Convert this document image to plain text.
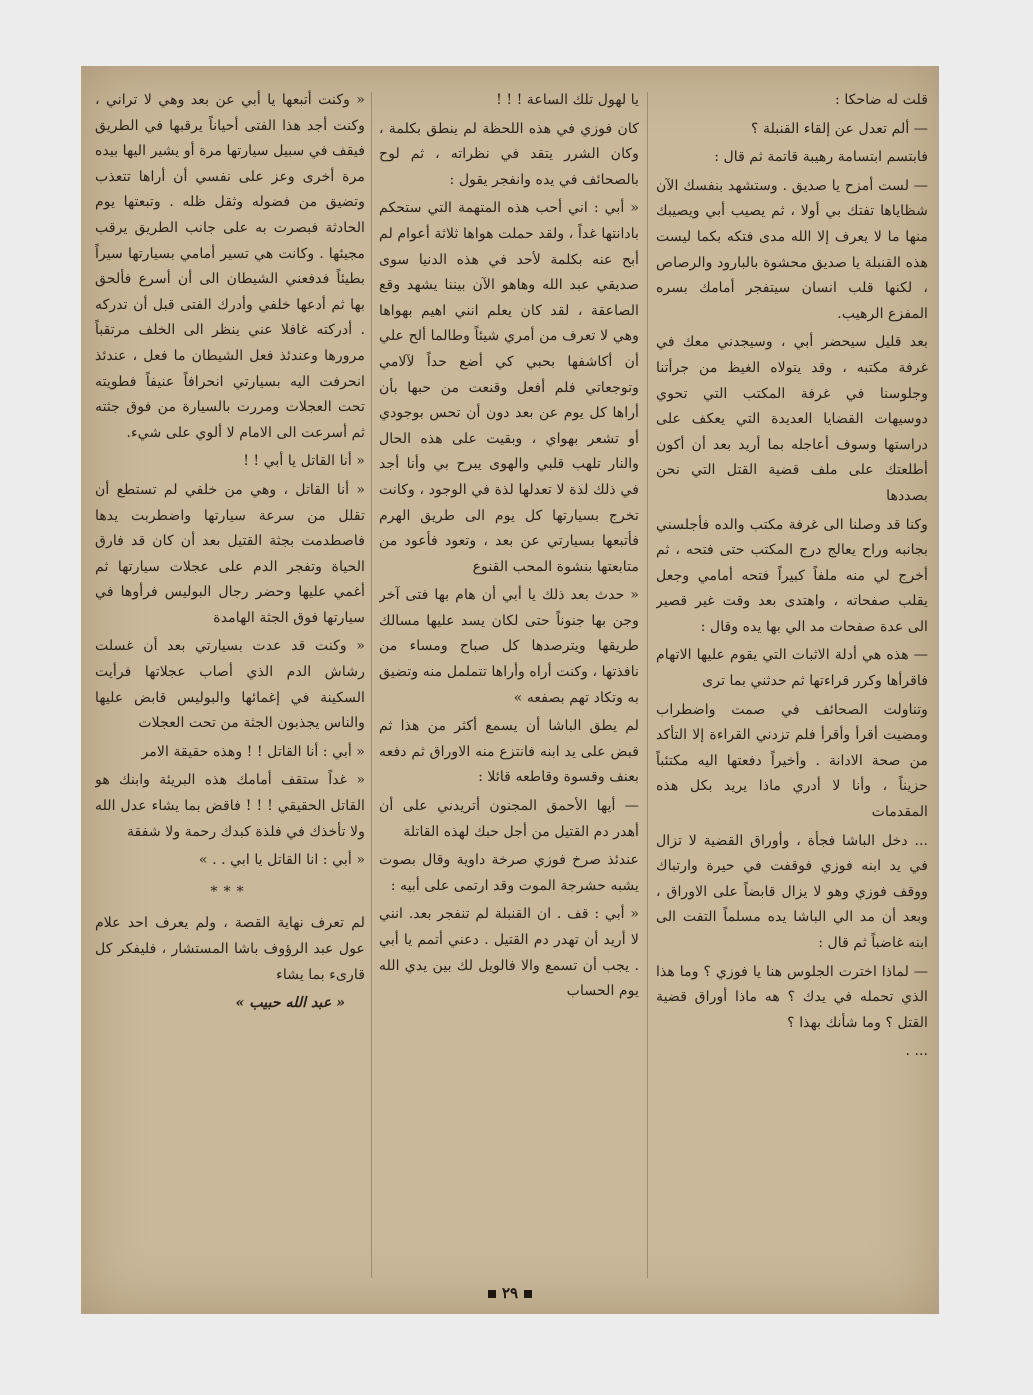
قلت له ضاحكا :

— ألم تعدل عن إلقاء القنبلة ؟

فابتسم ابتسامة رهيبة قاتمة ثم قال :

— لست أمزح يا صديق . وستشهد بنفسك الآن شظاياها تفتك بي أولا ، ثم يصيب أبي ويصيبك منها ما لا يعرف إلا الله مدى فتكه بكما ليست هذه القنبلة يا صديق محشوة بالبارود والرصاص ، لكنها قلب انسان سيتفجر أمامك بسره المفزع الرهيب.

بعد قليل سيحضر أبي ، وسيجدني معك في غرفة مكتبه ، وقد يتولاه الغيظ من جرأتنا وجلوسنا في غرفة المكتب التي تحوي دوسيهات القضايا العديدة التي يعكف على دراستها وسوف أعاجله بما أريد بعد أن أكون أطلعتك على ملف قضية القتل التي نحن بصددها

وكنا قد وصلنا الى غرفة مكتب والده فأجلسني بجانبه وراح يعالج درج المكتب حتى فتحه ، ثم أخرج لي منه ملفاً كبيراً فتحه أمامي وجعل يقلب صفحاته ، واهتدى بعد وقت غير قصير الى عدة صفحات مد الي بها يده وقال :

— هذه هي أدلة الاثبات التي يقوم عليها الاتهام فاقرأها وكرر قراءتها ثم حدثني بما ترى

وتناولت الصحائف في صمت واضطراب ومضيت أقرأ وأقرأ فلم تزدني القراءة إلا التأكد من صحة الادانة . وأخيراً دفعتها اليه مكتئباً حزيناً ، وأنا لا أدري ماذا يريد بكل هذه المقدمات

... دخل الباشا فجأة ، وأوراق القضية لا تزال في يد ابنه فوزي فوقفت في حيرة وارتباك ووقف فوزي وهو لا يزال قابضاً على الاوراق ، وبعد أن مد الي الباشا يده مسلماً التفت الى ابنه غاضباً ثم قال :

— لماذا اخترت الجلوس هنا يا فوزي ؟ وما هذا الذي تحمله في يدك ؟ هه ماذا أوراق قضية القتل ؟ وما شأنك بهذا ؟

... .

يا لهول تلك الساعة ! ! !

كان فوزي في هذه اللحظة لم ينطق بكلمة ، وكان الشرر يتقد في نظراته ، ثم لوح بالصحائف في يده وانفجر يقول :

« أبي : اني أحب هذه المتهمة التي ستحكم بادانتها غداً ، ولقد حملت هواها ثلاثة أعوام لم أبح عنه بكلمة لأحد في هذه الدنيا سوى صديقي عبد الله وهاهو الآن بيننا يشهد وقع الصاعقة ، لقد كان يعلم انني اهيم بهواها وهي لا تعرف من أمري شيئاً وطالما ألح علي أن أكاشفها بحبي كي أضع حداً لآلامي وتوجعاتي فلم أفعل وقنعت من حبها بأن أراها كل يوم عن بعد دون أن تحس بوجودي أو تشعر بهواي ، وبقيت على هذه الحال والنار تلهب قلبي والهوى يبرح بي وأنا أجد في ذلك لذة لا تعدلها لذة في الوجود ، وكانت تخرج بسيارتها كل يوم الى طريق الهرم فأتبعها بسيارتي عن بعد ، وتعود فأعود من متابعتها بنشوة المحب القنوع

« حدث بعد ذلك يا أبي أن هام بها فتى آخر وجن بها جنوناً حتى لكان يسد عليها مسالك طريقها ويترصدها كل صباح ومساء من نافذتها ، وكنت أراه وأراها تتململ منه وتضيق به وتكاد تهم بصفعه »

لم يطق الباشا أن يسمع أكثر من هذا ثم قبض على يد ابنه فانتزع منه الاوراق ثم دفعه بعنف وقسوة وقاطعه قائلا :

— أيها الأحمق المجنون أتريدني على أن أهدر دم القتيل من أجل حبك لهذه القاتلة

عندئذ صرخ فوزي صرخة داوية وقال بصوت يشبه حشرجة الموت وقد ارتمى على أبيه :

« أبي : قف . ان القنبلة لم تنفجر بعد. انني لا أريد أن تهدر دم القتيل . دعني أتمم يا أبي . يجب أن تسمع والا فالويل لك بين يدي الله يوم الحساب

« وكنت أتبعها يا أبي عن بعد وهي لا تراني ، وكنت أجد هذا الفتى أحياناً يرقبها في الطريق فيقف في سبيل سيارتها مرة أو يشير اليها بيده مرة أخرى وعز على نفسي أن أراها تتعذب وتضيق من فضوله وثقل ظله . وتبعتها يوم الحادثة فبصرت به على جانب الطريق يرقب مجيئها . وكانت هي تسير أمامي بسيارتها سيراً بطيئاً فدفعني الشيطان الى أن أسرع فألحق بها ثم أدعها خلفي وأدرك الفتى قبل أن تدركه . أدركته غافلا عني ينظر الى الخلف مرتقباً مرورها وعندئذ فعل الشيطان ما فعل ، عندئذ انحرفت اليه بسيارتي انحرافاً عنيفاً فطويته تحت العجلات ومررت بالسيارة من فوق جثته ثم أسرعت الى الامام لا ألوي على شيء.

« أنا القاتل يا أبي ! !

« أنا القاتل ، وهي من خلفي لم تستطع أن تقلل من سرعة سيارتها واضطربت يدها فاصطدمت بجثة القتيل بعد أن كان قد فارق الحياة وتفجر الدم على عجلات سيارتها ثم أغمي عليها وحضر رجال البوليس فرأوها في سيارتها فوق الجثة الهامدة

« وكنت قد عدت بسيارتي بعد أن غسلت رشاش الدم الذي أصاب عجلاتها فرأيت السكينة في إغمائها والبوليس قابض عليها والناس يجذبون الجثة من تحت العجلات

« أبي : أنا القاتل ! ! وهذه حقيقة الامر

« غداً ستقف أمامك هذه البريئة وابنك هو القاتل الحقيقي ! ! ! فاقض بما يشاء عدل الله ولا تأخذك في فلذة كبدك رحمة ولا شفقة

« أبي : انا القاتل يا ابي . . »

***

لم تعرف نهاية القصة ، ولم يعرف احد علام عول عبد الرؤوف باشا المستشار ، فليفكر كل قارىء بما يشاء

« عبد الله حبيب »

٢٩
